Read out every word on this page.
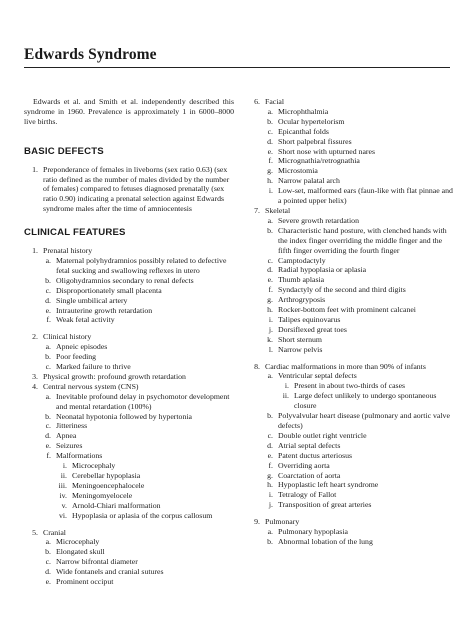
Edwards Syndrome

Edwards et al. and Smith et al. independently described this syndrome in 1960. Prevalence is approximately 1 in 6000–8000 live births.

BASIC DEFECTS
1. Preponderance of females in liveborns (sex ratio 0.63) (sex ratio defined as the number of males divided by the number of females) compared to fetuses diagnosed prenatally (sex ratio 0.90) indicating a prenatal selection against Edwards syndrome males after the time of amniocentesis
CLINICAL FEATURES
1. Prenatal history
a. Maternal polyhydramnios possibly related to defective fetal sucking and swallowing reflexes in utero
b. Oligohydramnios secondary to renal defects
c. Disproportionately small placenta
d. Single umbilical artery
e. Intrauterine growth retardation
f. Weak fetal activity
2. Clinical history
a. Apneic episodes
b. Poor feeding
c. Marked failure to thrive
3. Physical growth: profound growth retardation
4. Central nervous system (CNS)
a. Inevitable profound delay in psychomotor development and mental retardation (100%)
b. Neonatal hypotonia followed by hypertonia
c. Jitteriness
d. Apnea
e. Seizures
f. Malformations
i. Microcephaly
ii. Cerebellar hypoplasia
iii. Meningoencephalocele
iv. Meningomyelocele
v. Arnold-Chiari malformation
vi. Hypoplasia or aplasia of the corpus callosum
5. Cranial
a. Microcephaly
b. Elongated skull
c. Narrow bifrontal diameter
d. Wide fontanels and cranial sutures
e. Prominent occiput
6. Facial
a. Microphthalmia
b. Ocular hypertelorism
c. Epicanthal folds
d. Short palpebral fissures
e. Short nose with upturned nares
f. Micrognathia/retrognathia
g. Microstomia
h. Narrow palatal arch
i. Low-set, malformed ears (faun-like with flat pinnae and a pointed upper helix)
7. Skeletal
a. Severe growth retardation
b. Characteristic hand posture, with clenched hands with the index finger overriding the middle finger and the fifth finger overriding the fourth finger
c. Camptodactyly
d. Radial hypoplasia or aplasia
e. Thumb aplasia
f. Syndactyly of the second and third digits
g. Arthrogryposis
h. Rocker-bottom feet with prominent calcanei
i. Talipes equinovarus
j. Dorsiflexed great toes
k. Short sternum
l. Narrow pelvis
8. Cardiac malformations in more than 90% of infants
a. Ventricular septal defects
i. Present in about two-thirds of cases
ii. Large defect unlikely to undergo spontaneous closure
b. Polyvalvular heart disease (pulmonary and aortic valve defects)
c. Double outlet right ventricle
d. Atrial septal defects
e. Patent ductus arteriosus
f. Overriding aorta
g. Coarctation of aorta
h. Hypoplastic left heart syndrome
i. Tetralogy of Fallot
j. Transposition of great arteries
9. Pulmonary
a. Pulmonary hypoplasia
b. Abnormal lobation of the lung
